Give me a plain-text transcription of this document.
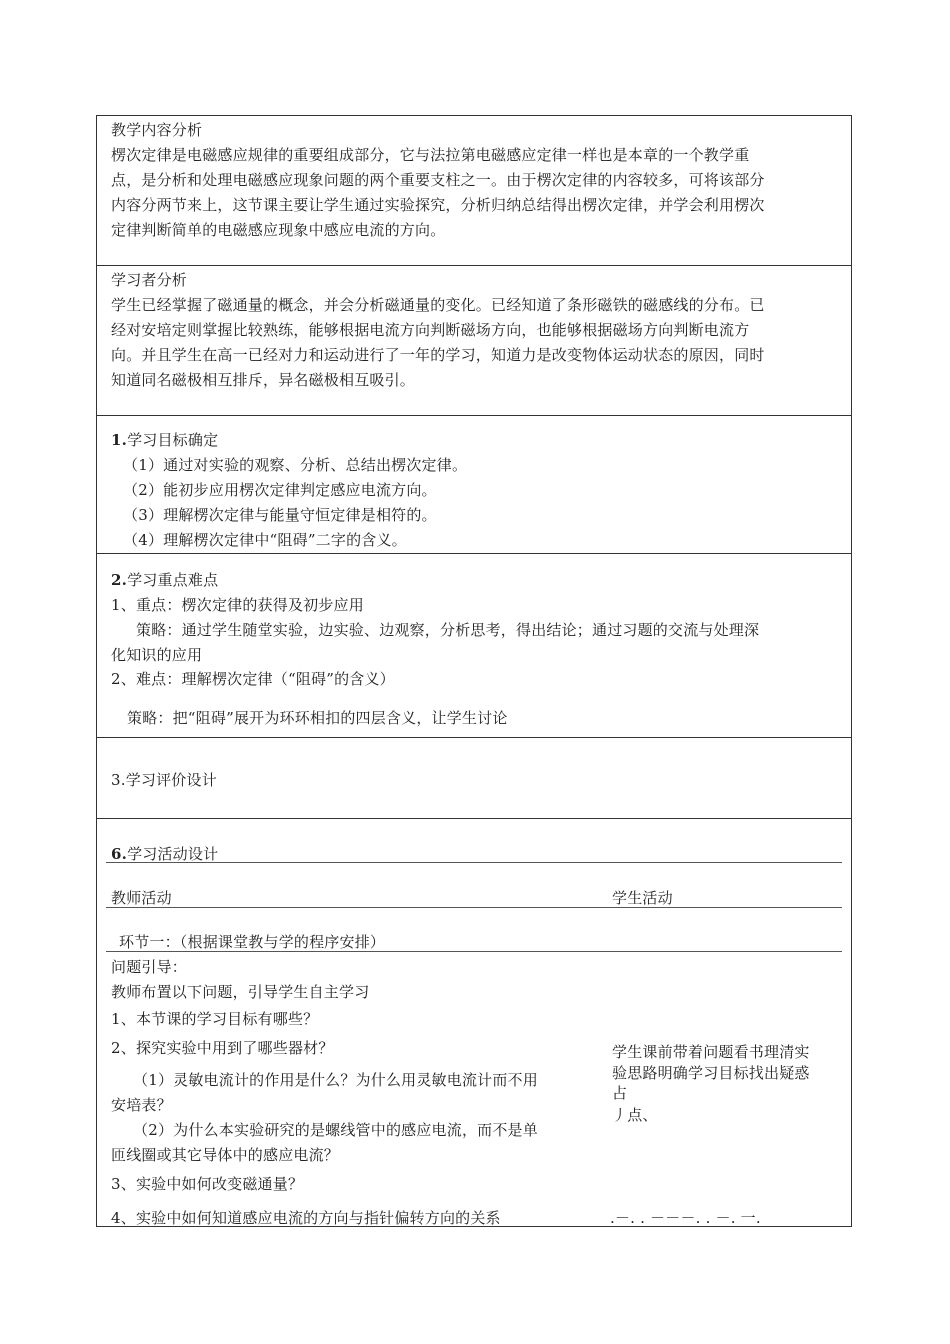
教学内容分析
楞次定律是电磁感应规律的重要组成部分，它与法拉第电磁感应定律一样也是本章的一个教学重
点，是分析和处理电磁感应现象问题的两个重要支柱之一。由于楞次定律的内容较多，可将该部分
内容分两节来上，这节课主要让学生通过实验探究，分析归纳总结得出楞次定律，并学会利用楞次
定律判断简单的电磁感应现象中感应电流的方向。
学习者分析
学生已经掌握了磁通量的概念，并会分析磁通量的变化。已经知道了条形磁铁的磁感线的分布。已
经对安培定则掌握比较熟练，能够根据电流方向判断磁场方向，也能够根据磁场方向判断电流方
向。并且学生在高一已经对力和运动进行了一年的学习，知道力是改变物体运动状态的原因，同时
知道同名磁极相互排斥，异名磁极相互吸引。
1.学习目标确定
（1）通过对实验的观察、分析、总结出楞次定律。
（2）能初步应用楞次定律判定感应电流方向。
（3）理解楞次定律与能量守恒定律是相符的。
（4）理解楞次定律中“阻碍”二字的含义。
2.学习重点难点
1、重点：楞次定律的获得及初步应用
策略：通过学生随堂实验，边实验、边观察，分析思考，得出结论；通过习题的交流与处理深
化知识的应用
2、难点：理解楞次定律（“阻碍”的含义）
策略：把“阻碍”展开为环环相扣的四层含义，让学生讨论
3.学习评价设计
6.学习活动设计
教师活动	学生活动
环节一：（根据课堂教与学的程序安排）
问题引导：
教师布置以下问题，引导学生自主学习
1、本节课的学习目标有哪些？
2、探究实验中用到了哪些器材？
（1）灵敏电流计的作用是什么？为什么用灵敏电流计而不用
安培表？
（2）为什么本实验研究的是螺线管中的感应电流，而不是单
匝线圈或其它导体中的感应电流？
3、实验中如何改变磁通量？
4、实验中如何知道感应电流的方向与指针偏转方向的关系
学生课前带着问题看书理清实
验思路明确学习目标找出疑惑
占
丿点、
.－. . －－－. . －. 一.
